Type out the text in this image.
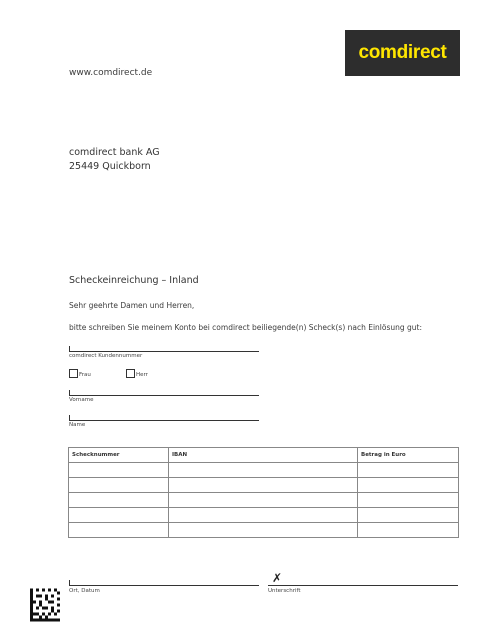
comdirect
www.comdirect.de
comdirect bank AG
25449 Quickborn
Scheckeinreichung – Inland
Sehr geehrte Damen und Herren,
bitte schreiben Sie meinem Konto bei comdirect beiliegende(n) Scheck(s) nach Einlösung gut:
comdirect Kundennummer
Frau	Herr
Vorname
Name
Schecknummer	IBAN	Betrag in Euro

Ort, Datum
✗
Unterschrift
